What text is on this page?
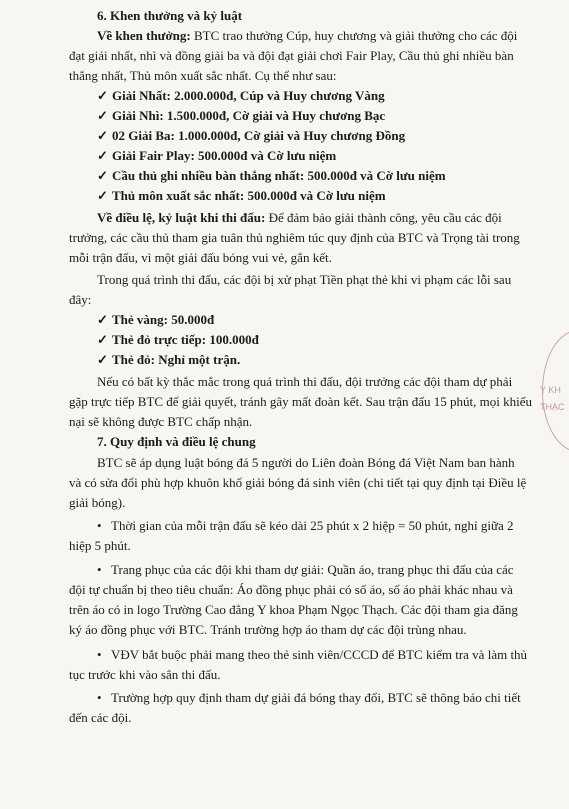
6. Khen thưởng và kỷ luật
Về khen thưởng: BTC trao thưởng Cúp, huy chương và giải thưởng cho các đội
đạt giải nhất, nhì và đồng giải ba và đội đạt giải chơi Fair Play, Cầu thủ ghi nhiều bàn
thắng nhất, Thủ môn xuất sắc nhất. Cụ thể như sau:
✓ Giải Nhất: 2.000.000đ, Cúp và Huy chương Vàng
✓ Giải Nhì: 1.500.000đ, Cờ giải và Huy chương Bạc
✓ 02 Giải Ba: 1.000.000đ, Cờ giải và Huy chương Đồng
✓ Giải Fair Play: 500.000đ và Cờ lưu niệm
✓ Cầu thủ ghi nhiều bàn thắng nhất: 500.000đ và Cờ lưu niệm
✓ Thủ môn xuất sắc nhất: 500.000đ và Cờ lưu niệm
Về điều lệ, kỷ luật khi thi đấu: Để đảm bảo giải thành công, yêu cầu các đội
trưởng, các cầu thủ tham gia tuân thủ nghiêm túc quy định của BTC và Trọng tài trong
mỗi trận đấu, vì một giải đấu bóng vui vẻ, gắn kết.
Trong quá trình thi đấu, các đội bị xử phạt Tiền phạt thẻ khi vi phạm các lỗi sau
đây:
✓ Thẻ vàng: 50.000đ
✓ Thẻ đỏ trực tiếp: 100.000đ
✓ Thẻ đỏ: Nghỉ một trận.
Nếu có bất kỳ thắc mắc trong quá trình thi đấu, đội trưởng các đội tham dự phải
gặp trực tiếp BTC để giải quyết, tránh gây mất đoàn kết. Sau trận đấu 15 phút, mọi khiếu
nại sẽ không được BTC chấp nhận.
7. Quy định và điều lệ chung
BTC sẽ áp dụng luật bóng đá 5 người do Liên đoàn Bóng đá Việt Nam ban hành
và có sửa đổi phù hợp khuôn khổ giải bóng đá sinh viên (chi tiết tại quy định tại Điều lệ
giải bóng).
• Thời gian của mỗi trận đấu sẽ kéo dài 25 phút x 2 hiệp = 50 phút, nghỉ giữa 2
hiệp 5 phút.
• Trang phục của các đội khi tham dự giải: Quần áo, trang phục thi đấu của các
đội tự chuẩn bị theo tiêu chuẩn: Áo đồng phục phải có số áo, số áo phải khác nhau và
trên áo có in logo Trường Cao đẳng Y khoa Phạm Ngọc Thạch. Các đội tham gia đăng
ký áo đồng phục với BTC. Tránh trường hợp áo tham dự các đội trùng nhau.
• VĐV bắt buộc phải mang theo thẻ sinh viên/CCCD để BTC kiểm tra và làm thủ
tục trước khi vào sân thi đấu.
• Trường hợp quy định tham dự giải đá bóng thay đổi, BTC sẽ thông báo chi tiết
đến các đội.
Y KH
THẠC
